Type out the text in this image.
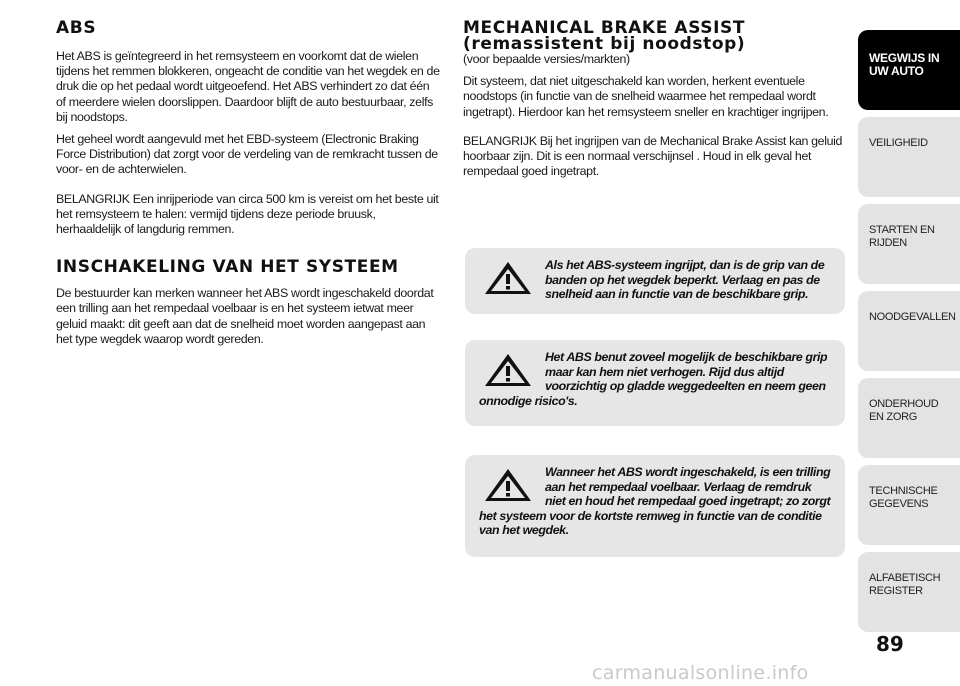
ABS

Het ABS is geïntegreerd in het remsysteem en voorkomt dat de wielen tijdens het remmen blokkeren, ongeacht de conditie van het wegdek en de druk die op het pedaal wordt uitgeoefend. Het ABS verhindert zo dat één of meerdere wielen doorslippen. Daardoor blijft de auto bestuurbaar, zelfs bij noodstops.

Het geheel wordt aangevuld met het EBD-systeem (Electronic Braking Force Distribution) dat zorgt voor de verdeling van de remkracht tussen de voor- en de achterwielen.

BELANGRIJK Een inrijperiode van circa 500 km is vereist om het beste uit het remsysteem te halen: vermijd tijdens deze periode bruusk, herhaaldelijk of langdurig remmen.

INSCHAKELING VAN HET SYSTEEM

De bestuurder kan merken wanneer het ABS wordt ingeschakeld doordat een trilling aan het rempedaal voelbaar is en het systeem ietwat meer geluid maakt: dit geeft aan dat de snelheid moet worden aangepast aan het type wegdek waarop wordt gereden.

MECHANICAL BRAKE ASSIST
(remassistent bij noodstop)

(voor bepaalde versies/markten)

Dit systeem, dat niet uitgeschakeld kan worden, herkent eventuele noodstops (in functie van de snelheid waarmee het rempedaal wordt ingetrapt). Hierdoor kan het remsysteem sneller en krachtiger ingrijpen.

BELANGRIJK Bij het ingrijpen van de Mechanical Brake Assist kan geluid hoorbaar zijn. Dit is een normaal verschijnsel . Houd in elk geval het rempedaal goed ingetrapt.

Als het ABS-systeem ingrijpt, dan is de grip van de banden op het wegdek beperkt. Verlaag en pas de snelheid aan in functie van de beschikbare grip.
Het ABS benut zoveel mogelijk de beschikbare grip maar kan hem niet verhogen. Rijd dus altijd voorzichtig op gladde weggedeelten en neem geen onnodige risico's.
Wanneer het ABS wordt ingeschakeld, is een trilling aan het rempedaal voelbaar. Verlaag de remdruk niet en houd het rempedaal goed ingetrapt; zo zorgt het systeem voor de kortste remweg in functie van de conditie van het wegdek.
WEGWIJS IN UW AUTO
VEILIGHEID
STARTEN EN RIJDEN
NOODGEVALLEN
ONDERHOUD EN ZORG
TECHNISCHE GEGEVENS
ALFABETISCH REGISTER
89
carmanualsonline.info
